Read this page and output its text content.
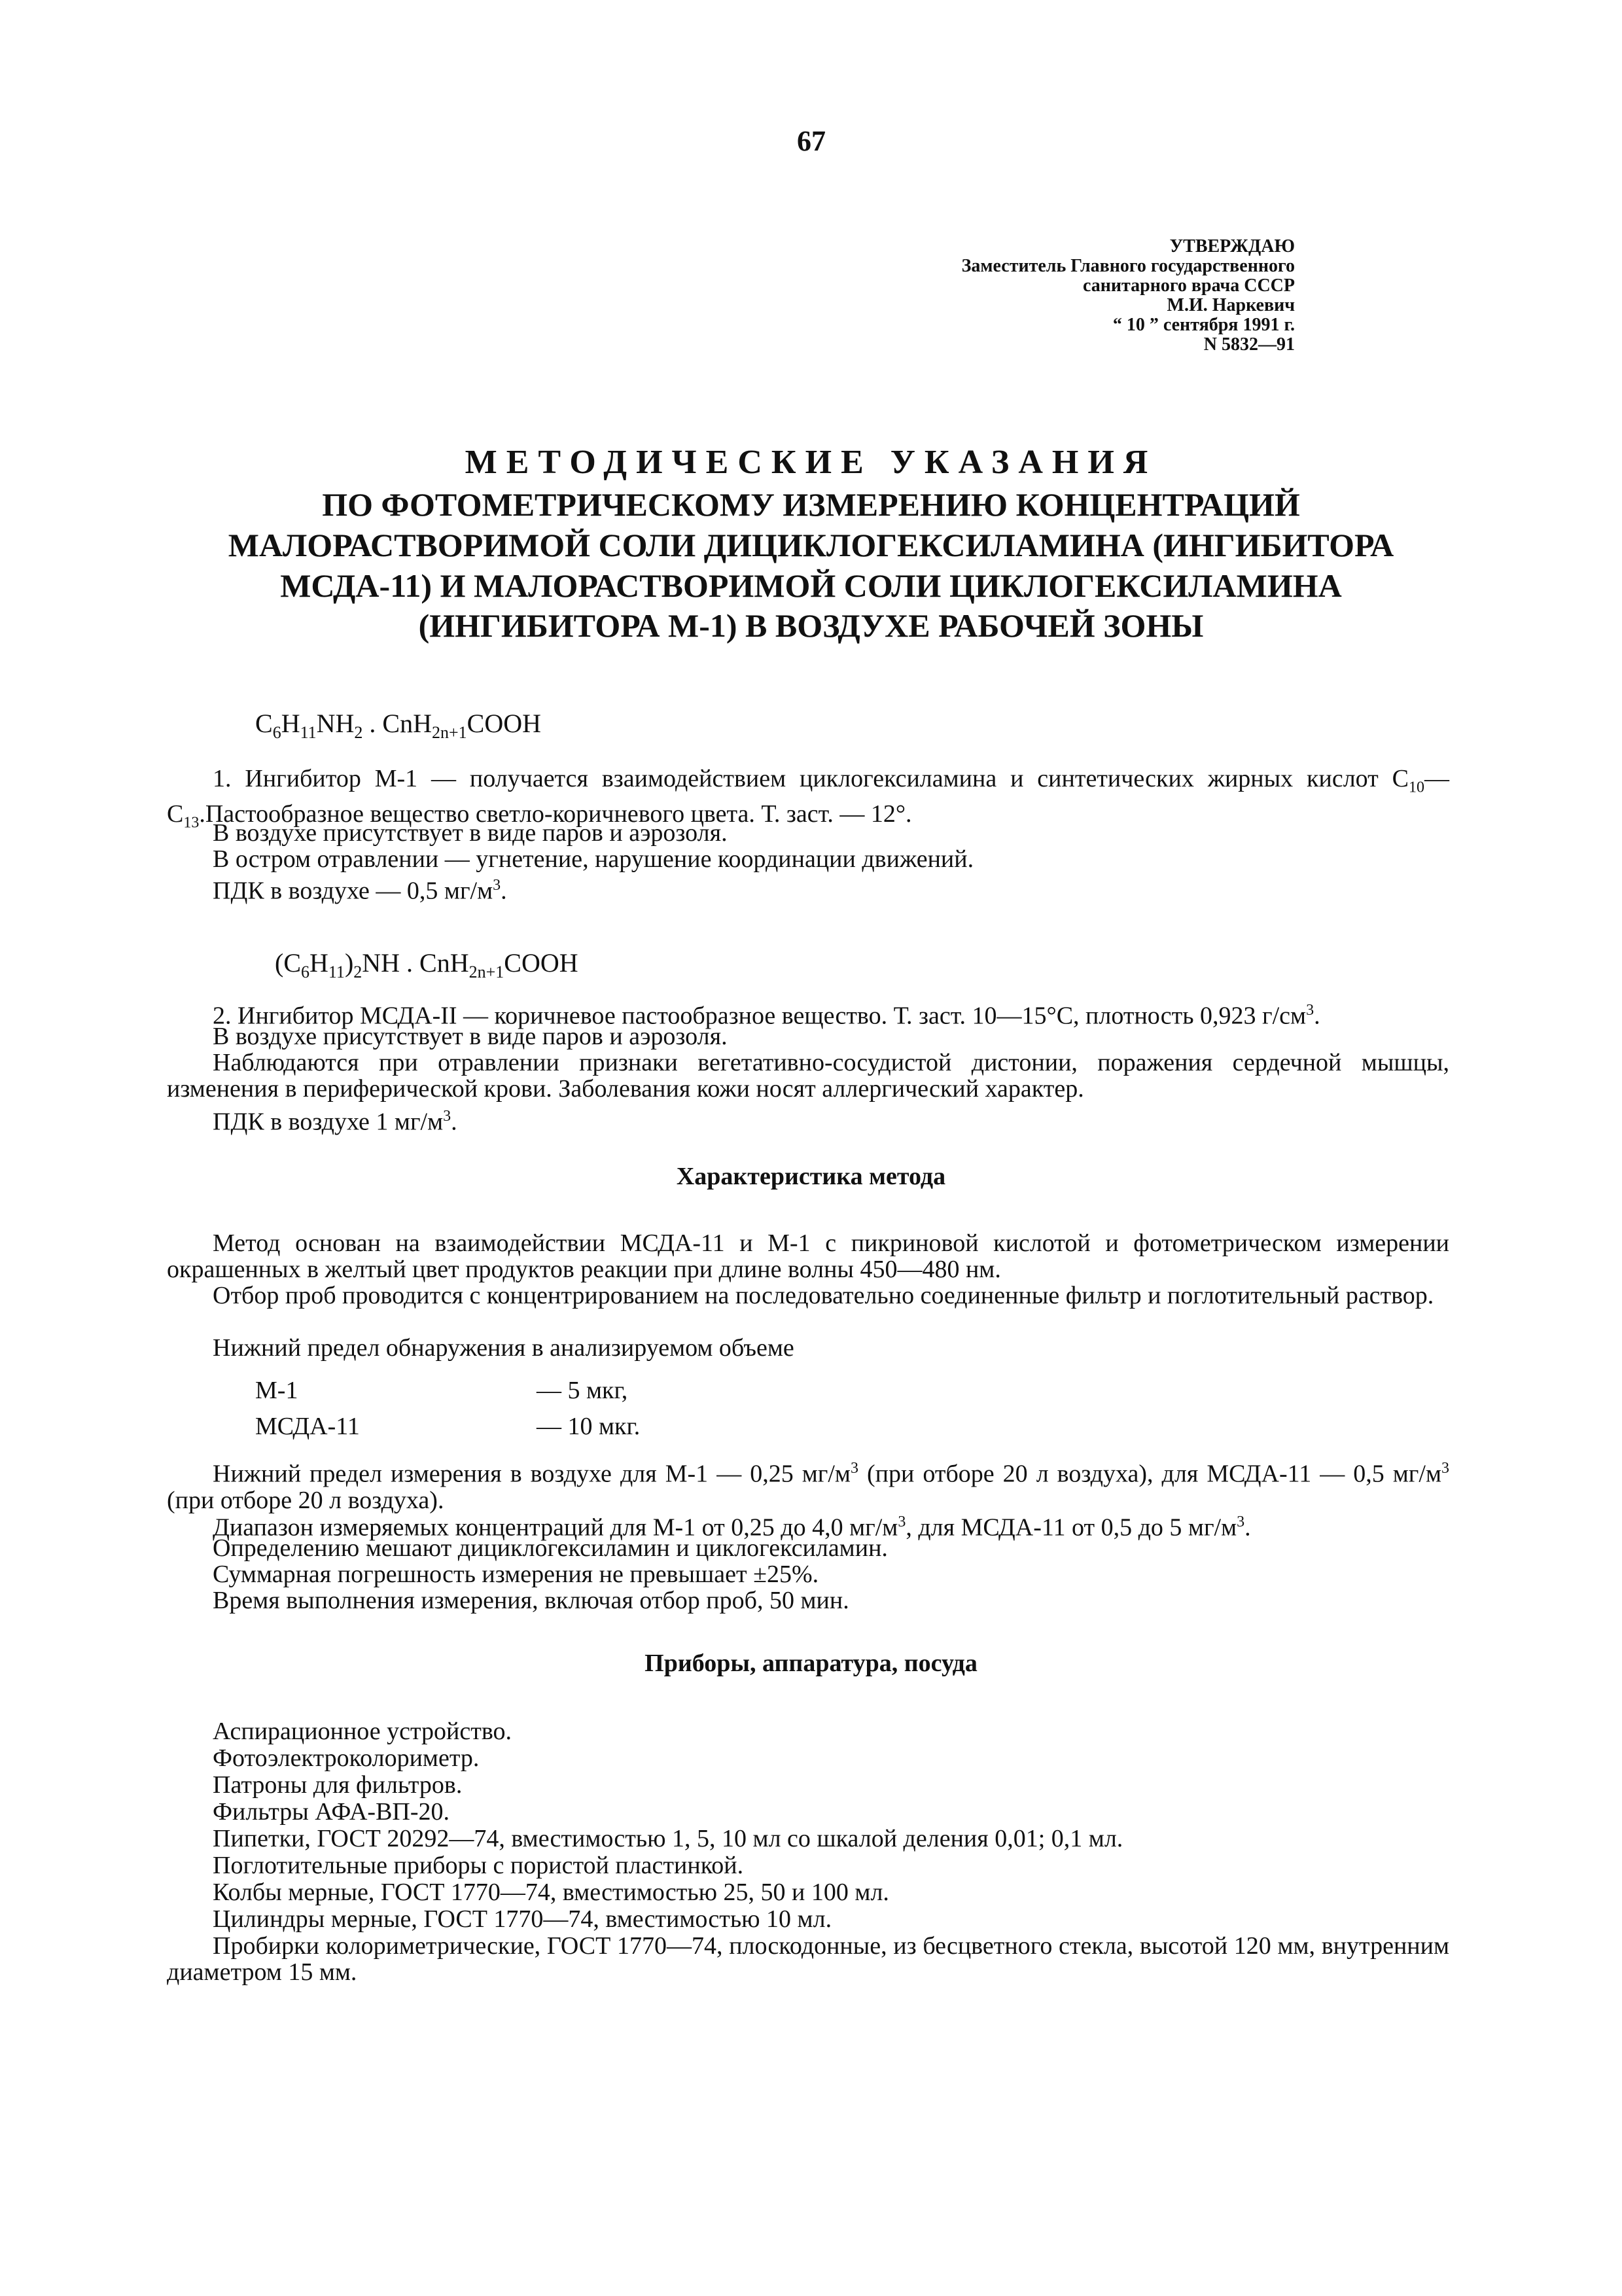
67
УТВЕРЖДАЮ
Заместитель Главного государственного
санитарного врача СССР
М.И. Наркевич
“ 10 ” сентября 1991 г.
N 5832—91
МЕТОДИЧЕСКИЕ УКАЗАНИЯ
ПО ФОТОМЕТРИЧЕСКОМУ ИЗМЕРЕНИЮ КОНЦЕНТРАЦИЙ
МАЛОРАСТВОРИМОЙ СОЛИ ДИЦИКЛОГЕКСИЛАМИНА (ИНГИБИТОРА
МСДА-11) И МАЛОРАСТВОРИМОЙ СОЛИ ЦИКЛОГЕКСИЛАМИНА
(ИНГИБИТОРА М-1) В ВОЗДУХЕ РАБОЧЕЙ ЗОНЫ
$C_6H_{11}NH_2$ . CnH$_{2n+1}$COOH
1. Ингибитор М-1 — получается взаимодействием циклогексиламина и синтетических жирных кислот $C_{10}—C_{13}.Пастообразное$ вещество светло-коричневого цвета. Т. заст. — 12°.
В воздухе присутствует в виде паров и аэрозоля.
В остром отравлении — угнетение, нарушение координации движений.
ПДК в воздухе — 0,5 $мг/м^3$.
$(C_6H_{11})_2NH$ . CnH$_{2n+1}$COOH
2. Ингибитор МСДА-II — коричневое пастообразное вещество. Т. заст. 10—15°С, плотность 0,923 $г/см^3$.
В воздухе присутствует в виде паров и аэрозоля.
Наблюдаются при отравлении признаки вегетативно-сосудистой дистонии, поражения сердечной мышцы, изменения в периферической крови. Заболевания кожи носят аллергический характер.
ПДК в воздухе 1 $мг/м^3$.
Характеристика метода
Метод основан на взаимодействии МСДА-11 и М-1 с пикриновой кислотой и фотометрическом измерении окрашенных в желтый цвет продуктов реакции при длине волны 450—480 нм.
Отбор проб проводится с концентрированием на последовательно соединенные фильтр и поглотительный раствор.
Нижний предел обнаружения в анализируемом объеме
М-1	— 5 мкг,
МСДА-11	— 10 мкг.
Нижний предел измерения в воздухе для М-1 — 0,25 $мг/м^3$ (при отборе 20 л воздуха), для МСДА-11 — 0,5 $мг/м^3$ (при отборе 20 л воздуха).
Диапазон измеряемых концентраций для М-1 от 0,25 до 4,0 $мг/м^3$, для МСДА-11 от 0,5 до 5 $мг/м^3$.
Определению мешают дициклогексиламин и циклогексиламин.
Суммарная погрешность измерения не превышает ±25%.
Время выполнения измерения, включая отбор проб, 50 мин.
Приборы, аппаратура, посуда
Аспирационное устройство.
Фотоэлектроколориметр.
Патроны для фильтров.
Фильтры АФА-ВП-20.
Пипетки, ГОСТ 20292—74, вместимостью 1, 5, 10 мл со шкалой деления 0,01; 0,1 мл.
Поглотительные приборы с пористой пластинкой.
Колбы мерные, ГОСТ 1770—74, вместимостью 25, 50 и 100 мл.
Цилиндры мерные, ГОСТ 1770—74, вместимостью 10 мл.
Пробирки колориметрические, ГОСТ 1770—74, плоскодонные, из бесцветного стекла, высотой 120 мм, внутренним диаметром 15 мм.
